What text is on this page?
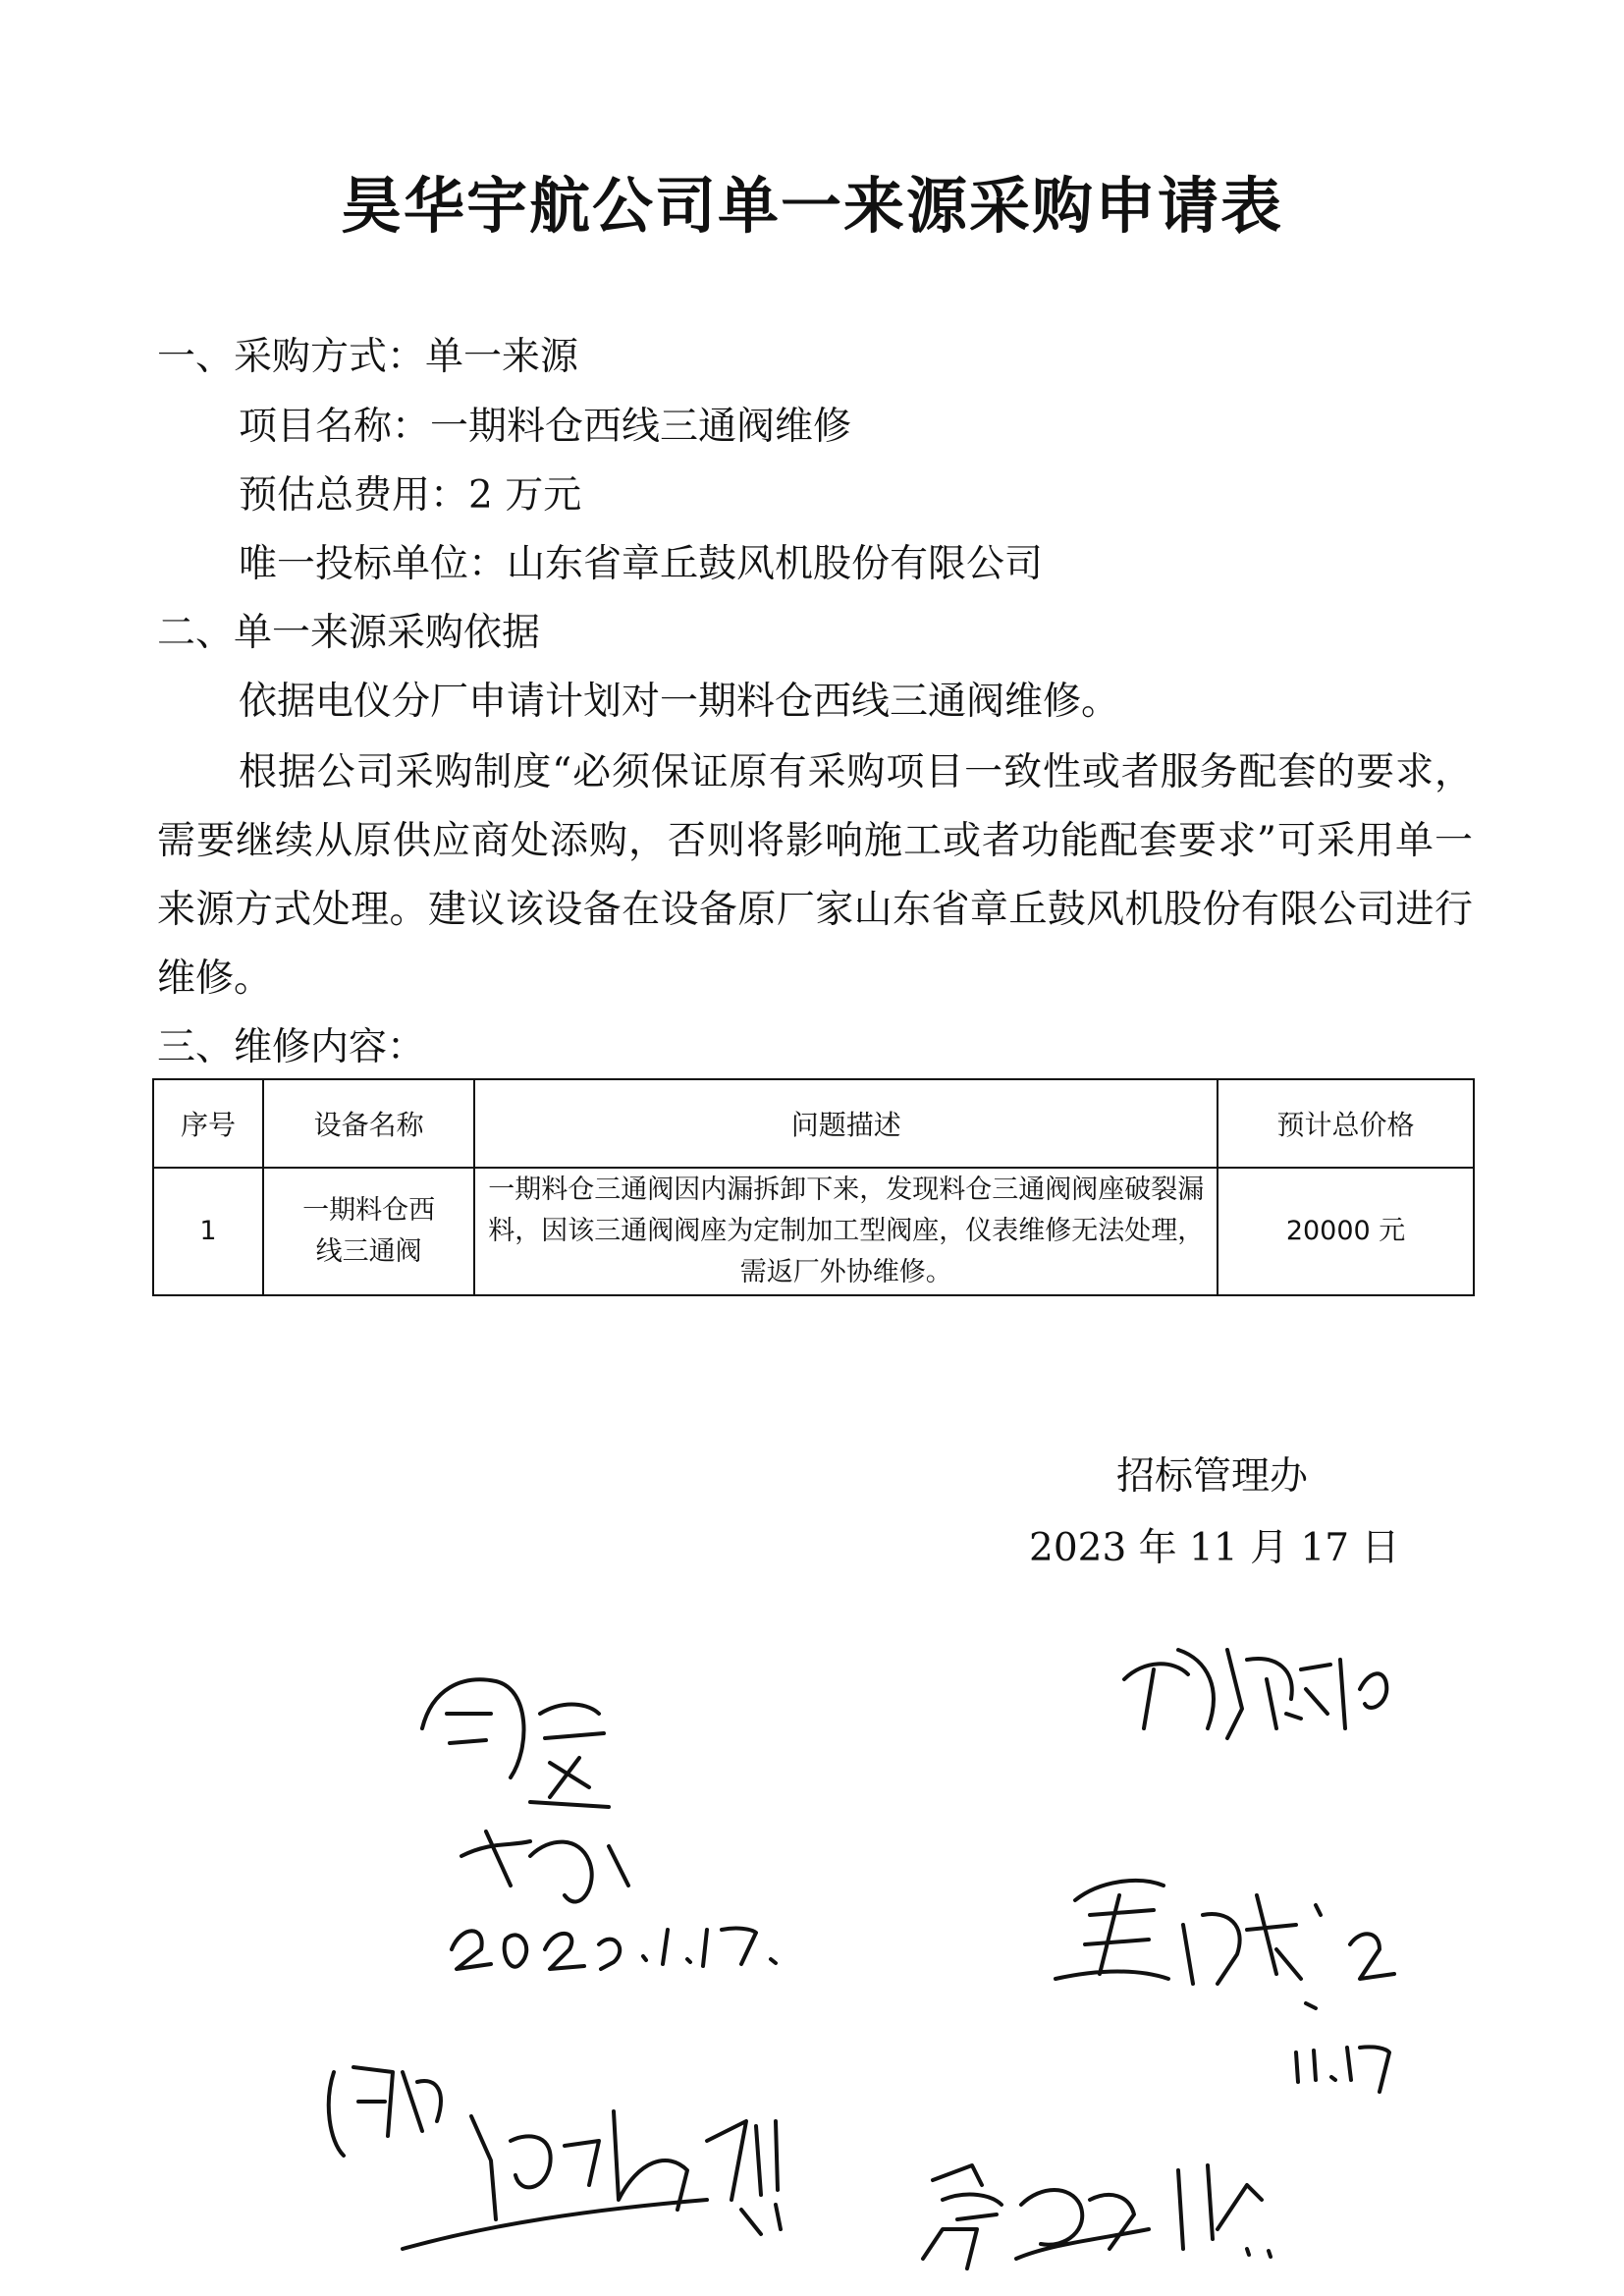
昊华宇航公司单一来源采购申请表
一、采购方式：单一来源
项目名称：一期料仓西线三通阀维修
预估总费用：2 万元
唯一投标单位：山东省章丘鼓风机股份有限公司
二、单一来源采购依据
依据电仪分厂申请计划对一期料仓西线三通阀维修。
根据公司采购制度“必须保证原有采购项目一致性或者服务配套的要求，需要继续从原供应商处添购，否则将影响施工或者功能配套要求”可采用单一来源方式处理。建议该设备在设备原厂家山东省章丘鼓风机股份有限公司进行维修。
三、维修内容：
序号	设备名称	问题描述	预计总价格
1	一期料仓西线三通阀	一期料仓三通阀因内漏拆卸下来，发现料仓三通阀阀座破裂漏料，因该三通阀阀座为定制加工型阀座，仪表维修无法处理，需返厂外协维修。	20000 元
招标管理办
2023 年 11 月 17 日
